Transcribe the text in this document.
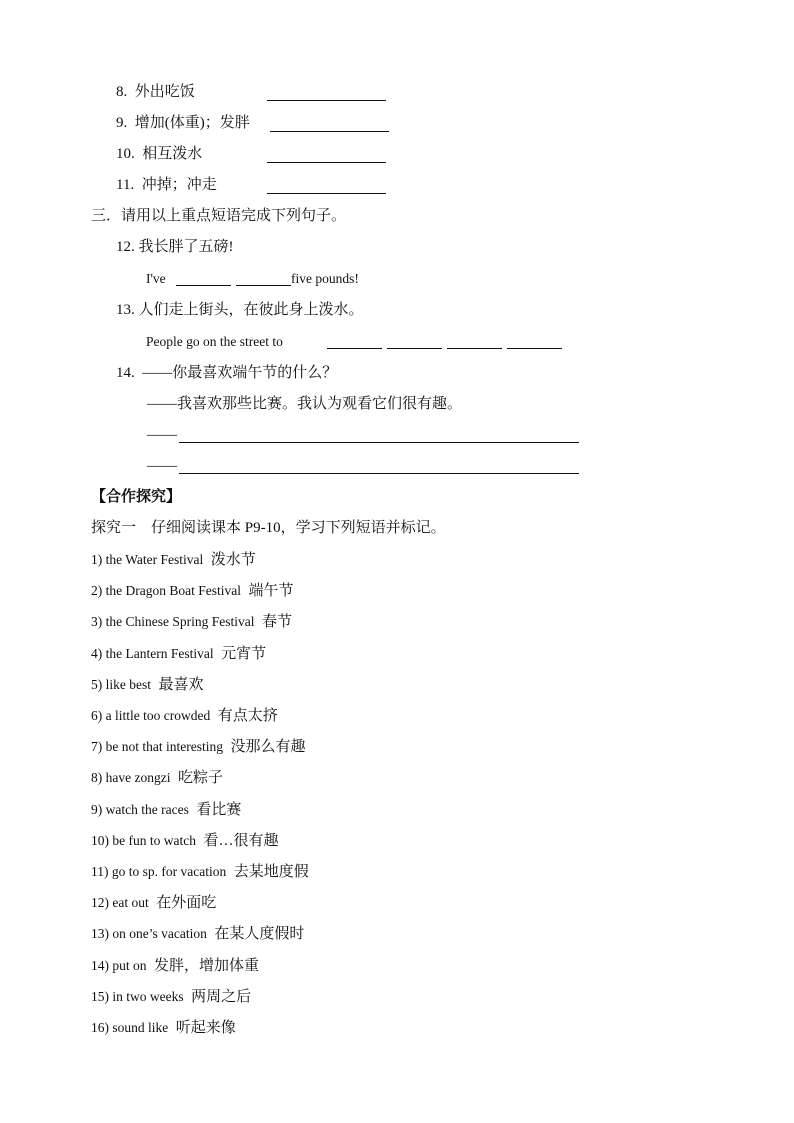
8. 外出吃饭
9. 增加(体重)；发胖
10. 相互泼水
11. 冲掉；冲走
三．请用以上重点短语完成下列句子。
12. 我长胖了五磅!
I've	five pounds!
13. 人们走上街头，在彼此身上泼水。
People go on the street to
14. ——你最喜欢端午节的什么？
——我喜欢那些比赛。我认为观看它们很有趣。
——
——
【合作探究】
探究一　仔细阅读课本 P9-10，学习下列短语并标记。
1) the Water Festival 泼水节
2) the Dragon Boat Festival 端午节
3) the Chinese Spring Festival 春节
4) the Lantern Festival 元宵节
5) like best 最喜欢
6) a little too crowded 有点太挤
7) be not that interesting 没那么有趣
8) have zongzi 吃粽子
9) watch the races 看比赛
10) be fun to watch 看…很有趣
11) go to sp. for vacation 去某地度假
12) eat out 在外面吃
13) on one’s vacation 在某人度假时
14) put on 发胖，增加体重
15) in two weeks 两周之后
16) sound like 听起来像
